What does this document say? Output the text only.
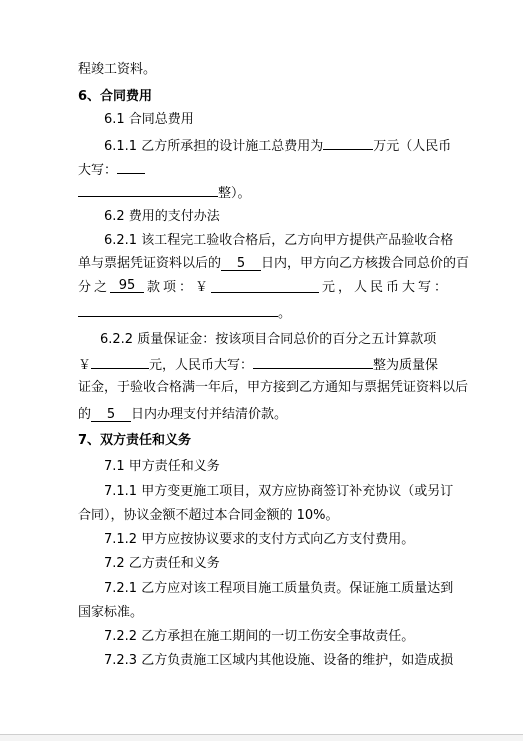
程竣工资料。
6、合同费用
6.1 合同总费用
6.1.1 乙方所承担的设计施工总费用为	万元（人民币
大写：
整）。
6.2 费用的支付办法
6.2.1 该工程完工验收合格后，乙方向甲方提供产品验收合格
单与票据凭证资料以后的 5 日内，甲方向乙方核拨合同总价的百
分 之 95 款 项 ： ￥	元 ， 人 民 币 大 写 ：
。
6.2.2 质量保证金：按该项目合同总价的百分之五计算款项
￥	元，人民币大写：	整为质量保
证金，于验收合格满一年后，甲方接到乙方通知与票据凭证资料以后
的 5 日内办理支付并结清价款。
7、双方责任和义务
7.1 甲方责任和义务
7.1.1 甲方变更施工项目，双方应协商签订补充协议（或另订
合同），协议金额不超过本合同金额的 10%。
7.1.2 甲方应按协议要求的支付方式向乙方支付费用。
7.2 乙方责任和义务
7.2.1 乙方应对该工程项目施工质量负责。保证施工质量达到
国家标准。
7.2.2 乙方承担在施工期间的一切工伤安全事故责任。
7.2.3 乙方负责施工区域内其他设施、设备的维护，如造成损
